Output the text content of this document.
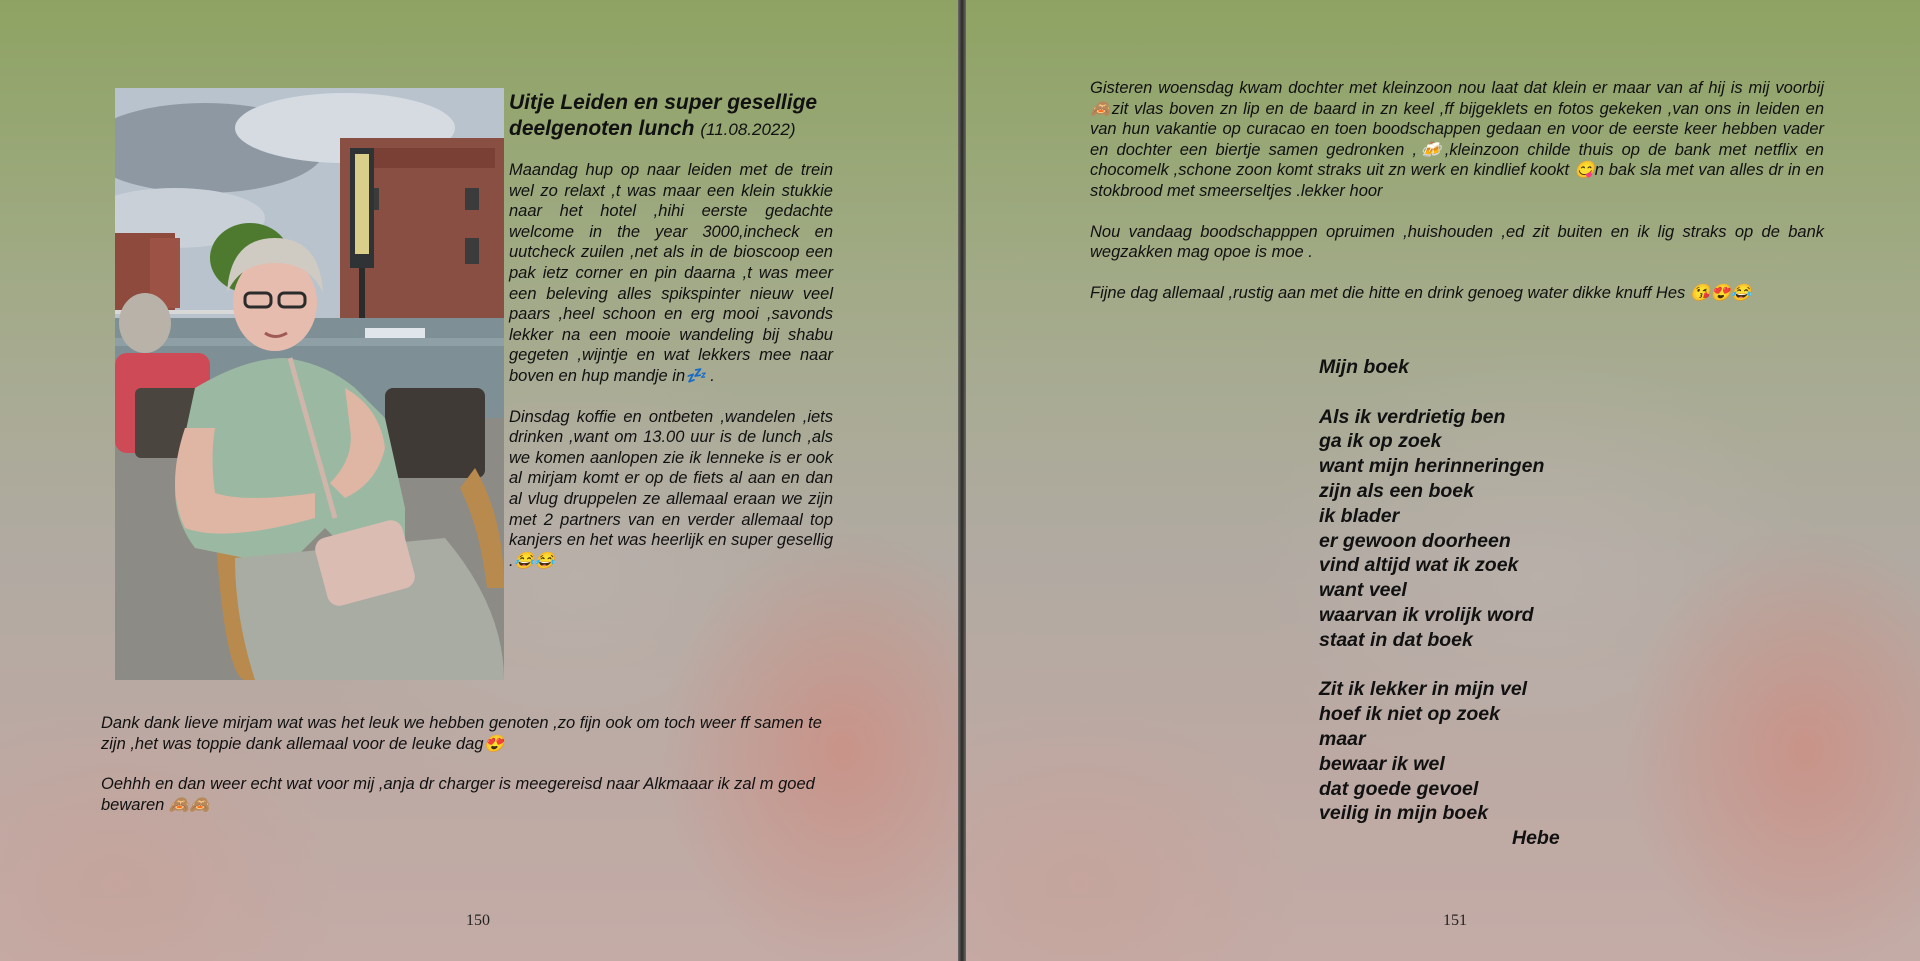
Uitje Leiden en super gesellige deelgenoten lunch (11.08.2022)

Maandag hup op naar leiden met de trein wel zo relaxt ,t was maar een klein stukkie naar het hotel ,hihi eerste gedachte welcome in the year 3000,incheck en uutcheck zuilen ,net als in de bioscoop een pak ietz corner en pin daarna ,t was meer een beleving alles spikspinter nieuw veel paars ,heel schoon en erg mooi ,savonds lekker na een mooie wandeling bij shabu gegeten ,wijntje en wat lekkers mee naar boven en hup mandje in💤 .

Dinsdag koffie en ontbeten ,wandelen ,iets drinken ,want om 13.00 uur is de lunch ,als we komen aanlopen zie ik lenneke is er ook al mirjam komt er op de fiets al aan en dan al vlug druppelen ze allemaal eraan we zijn met 2 partners van en verder allemaal top kanjers en het was heerlijk en super gesellig .😂😂

Dank dank lieve mirjam wat was het leuk we hebben genoten ,zo fijn ook om toch weer ff samen te zijn ,het was toppie dank allemaal voor de leuke dag😍

Oehhh en dan weer echt wat voor mij ,anja dr charger is meegereisd naar Alkmaaar ik zal m goed bewaren 🙈🙈

150

Gisteren woensdag kwam dochter met kleinzoon nou laat dat klein er maar van af hij is mij voorbij 🙈zit vlas boven zn lip en de baard in zn keel ,ff bijgeklets en fotos gekeken ,van ons in leiden en van hun vakantie op curacao en toen boodschappen gedaan en voor de eerste keer hebben vader en dochter een biertje samen gedronken ,🍻,kleinzoon childe thuis op de bank met netflix en chocomelk ,schone zoon komt straks uit zn werk en kindlief kookt 😋n bak sla met van alles dr in en stokbrood met smeerseltjes .lekker hoor

Nou vandaag boodschapppen opruimen ,huishouden ,ed zit buiten en ik lig straks op de bank wegzakken mag opoe is moe .

Fijne dag allemaal ,rustig aan met die hitte en drink genoeg water dikke knuff Hes 😘😍😂

Mijn boek
Als ik verdrietig ben
ga ik op zoek
want mijn herinneringen
zijn als een boek
ik blader
er gewoon doorheen
vind altijd wat ik zoek
want veel
waarvan ik vrolijk word
staat in dat boek
Zit ik lekker in mijn vel
hoef ik niet op zoek
maar
bewaar ik wel
dat goede gevoel
veilig in mijn boek
Hebe
151
